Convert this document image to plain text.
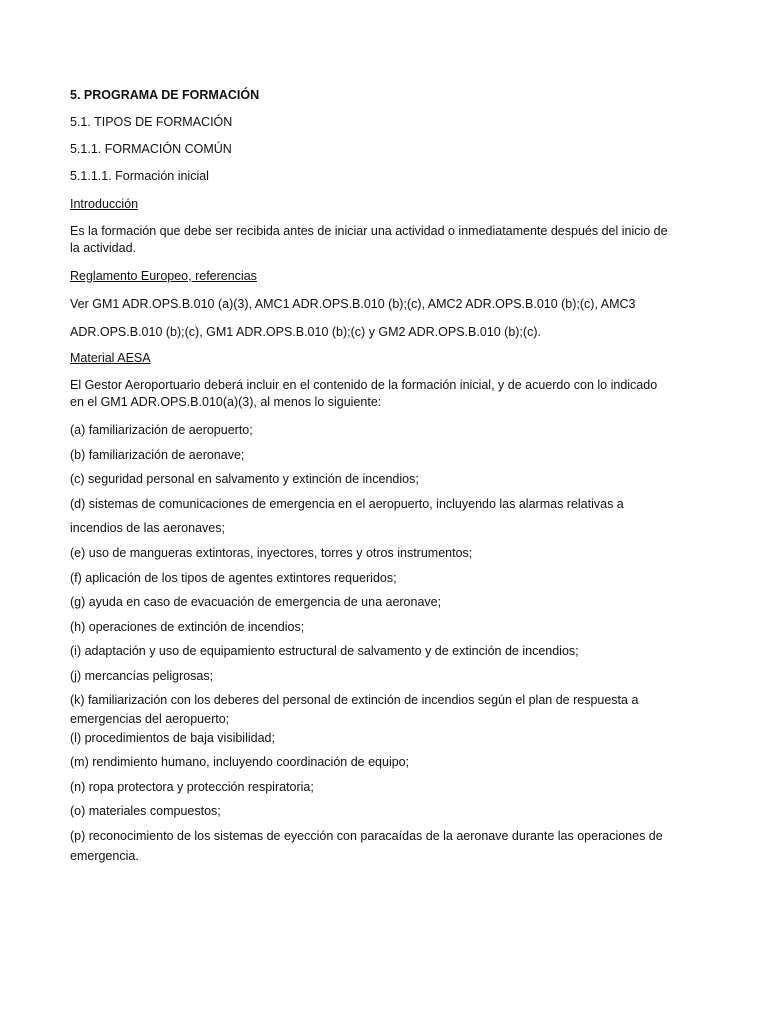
5. PROGRAMA DE FORMACIÓN

5.1. TIPOS DE FORMACIÓN

5.1.1. FORMACIÓN COMÚN

5.1.1.1. Formación inicial

Introducción

Es la formación que debe ser recibida antes de iniciar una actividad o inmediatamente después del inicio de

la actividad.

Reglamento Europeo, referencias

Ver GM1 ADR.OPS.B.010 (a)(3), AMC1 ADR.OPS.B.010 (b);(c), AMC2 ADR.OPS.B.010 (b);(c), AMC3

ADR.OPS.B.010 (b);(c), GM1 ADR.OPS.B.010 (b);(c) y GM2 ADR.OPS.B.010 (b);(c).

Material AESA

El Gestor Aeroportuario deberá incluir en el contenido de la formación inicial, y de acuerdo con lo indicado

en el GM1 ADR.OPS.B.010(a)(3), al menos lo siguiente:

(a) familiarización de aeropuerto;

(b) familiarización de aeronave;

(c) seguridad personal en salvamento y extinción de incendios;

(d) sistemas de comunicaciones de emergencia en el aeropuerto, incluyendo las alarmas relativas a

incendios de las aeronaves;

(e) uso de mangueras extintoras, inyectores, torres y otros instrumentos;

(f) aplicación de los tipos de agentes extintores requeridos;

(g) ayuda en caso de evacuación de emergencia de una aeronave;

(h) operaciones de extinción de incendios;

(i) adaptación y uso de equipamiento estructural de salvamento y de extinción de incendios;

(j) mercancías peligrosas;

(k) familiarización con los deberes del personal de extinción de incendios según el plan de respuesta a

emergencias del aeropuerto;

(l) procedimientos de baja visibilidad;

(m) rendimiento humano, incluyendo coordinación de equipo;

(n) ropa protectora y protección respiratoria;

(o) materiales compuestos;

(p) reconocimiento de los sistemas de eyección con paracaídas de la aeronave durante las operaciones de

emergencia.
